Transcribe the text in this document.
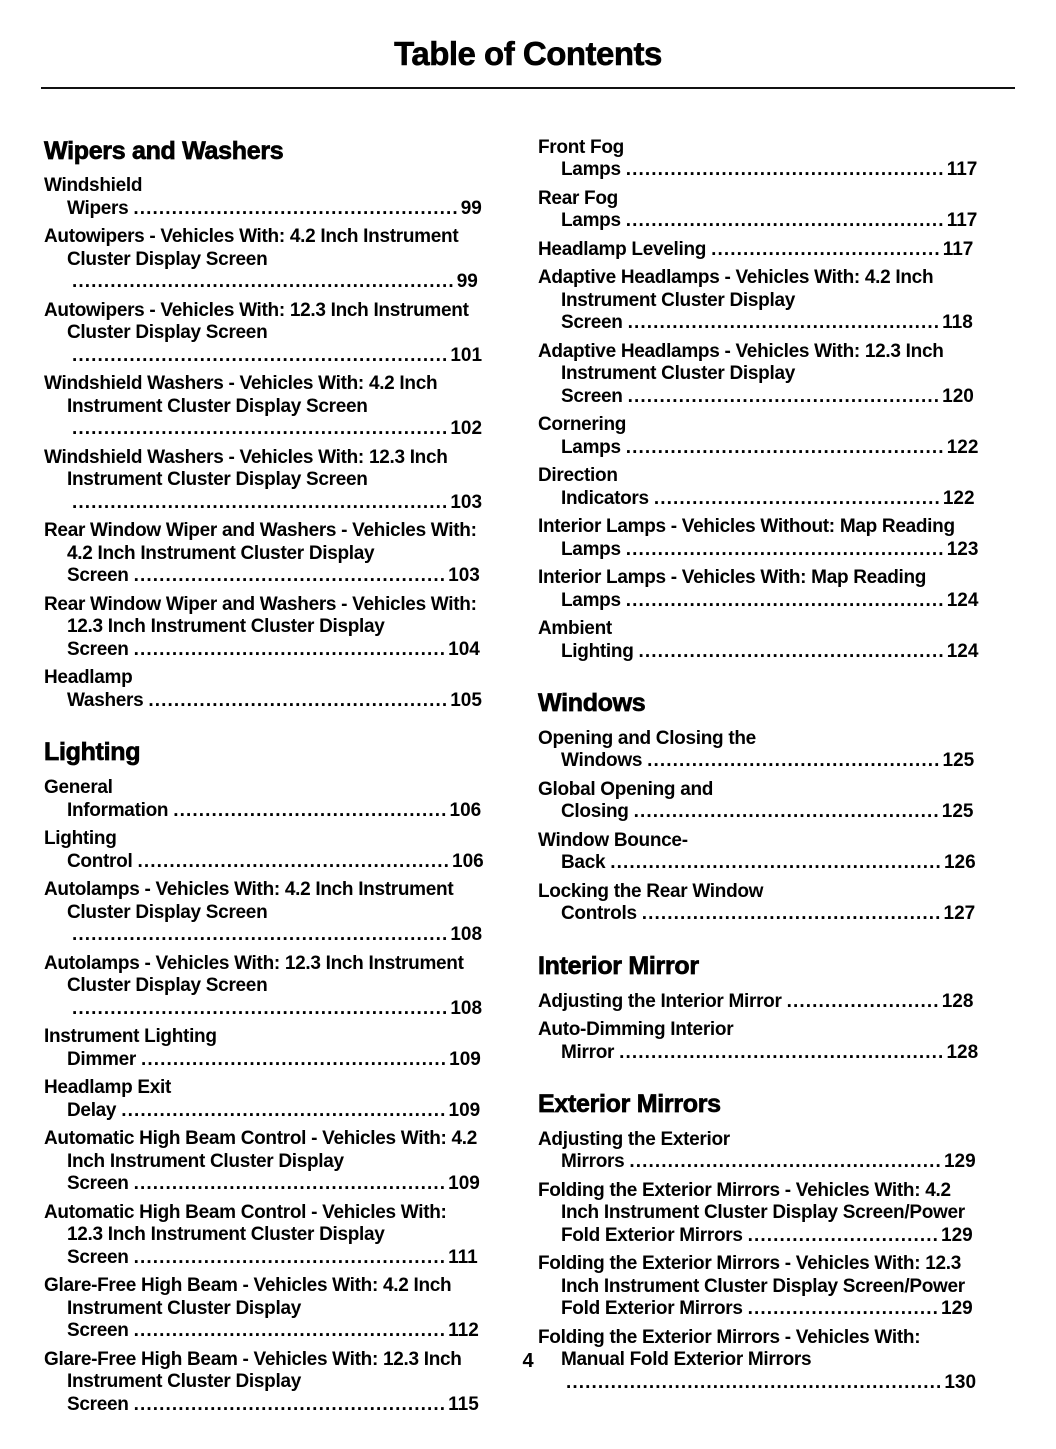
Table of Contents
Wipers and Washers

Windshield Wipers ................................................... 99

Autowipers - Vehicles With: 4.2 Inch Instrument Cluster Display Screen
............................................................ 99

Autowipers - Vehicles With: 12.3 Inch Instrument Cluster Display Screen
........................................................... 101

Windshield Washers - Vehicles With: 4.2 Inch Instrument Cluster Display Screen
........................................................... 102

Windshield Washers - Vehicles With: 12.3 Inch Instrument Cluster Display Screen
........................................................... 103

Rear Window Wiper and Washers - Vehicles With: 4.2 Inch Instrument Cluster Display Screen ................................................. 103

Rear Window Wiper and Washers - Vehicles With: 12.3 Inch Instrument Cluster Display Screen ................................................. 104

Headlamp Washers ............................................... 105

Lighting

General Information ........................................... 106

Lighting Control ................................................. 106

Autolamps - Vehicles With: 4.2 Inch Instrument Cluster Display Screen
........................................................... 108

Autolamps - Vehicles With: 12.3 Inch Instrument Cluster Display Screen
........................................................... 108

Instrument Lighting Dimmer ................................................ 109

Headlamp Exit Delay ................................................... 109

Automatic High Beam Control - Vehicles With: 4.2 Inch Instrument Cluster Display Screen ................................................. 109

Automatic High Beam Control - Vehicles With: 12.3 Inch Instrument Cluster Display Screen ................................................. 111

Glare-Free High Beam - Vehicles With: 4.2 Inch Instrument Cluster Display Screen ................................................. 112

Glare-Free High Beam - Vehicles With: 12.3 Inch Instrument Cluster Display Screen ................................................. 115

Front Fog Lamps .................................................. 117

Rear Fog Lamps .................................................. 117

Headlamp Leveling .................................... 117

Adaptive Headlamps - Vehicles With: 4.2 Inch Instrument Cluster Display Screen ................................................. 118

Adaptive Headlamps - Vehicles With: 12.3 Inch Instrument Cluster Display Screen ................................................. 120

Cornering Lamps .................................................. 122

Direction Indicators ............................................. 122

Interior Lamps - Vehicles Without: Map Reading Lamps .................................................. 123

Interior Lamps - Vehicles With: Map Reading Lamps .................................................. 124

Ambient Lighting ................................................ 124

Windows

Opening and Closing the Windows .............................................. 125

Global Opening and Closing ................................................ 125

Window Bounce-Back .................................................... 126

Locking the Rear Window Controls ............................................... 127

Interior Mirror

Adjusting the Interior Mirror ........................ 128

Auto-Dimming Interior Mirror ................................................... 128

Exterior Mirrors

Adjusting the Exterior Mirrors ................................................. 129

Folding the Exterior Mirrors - Vehicles With: 4.2 Inch Instrument Cluster Display Screen/Power Fold Exterior Mirrors .............................. 129

Folding the Exterior Mirrors - Vehicles With: 12.3 Inch Instrument Cluster Display Screen/Power Fold Exterior Mirrors .............................. 129

Folding the Exterior Mirrors - Vehicles With: Manual Fold Exterior Mirrors
........................................................... 130

4
